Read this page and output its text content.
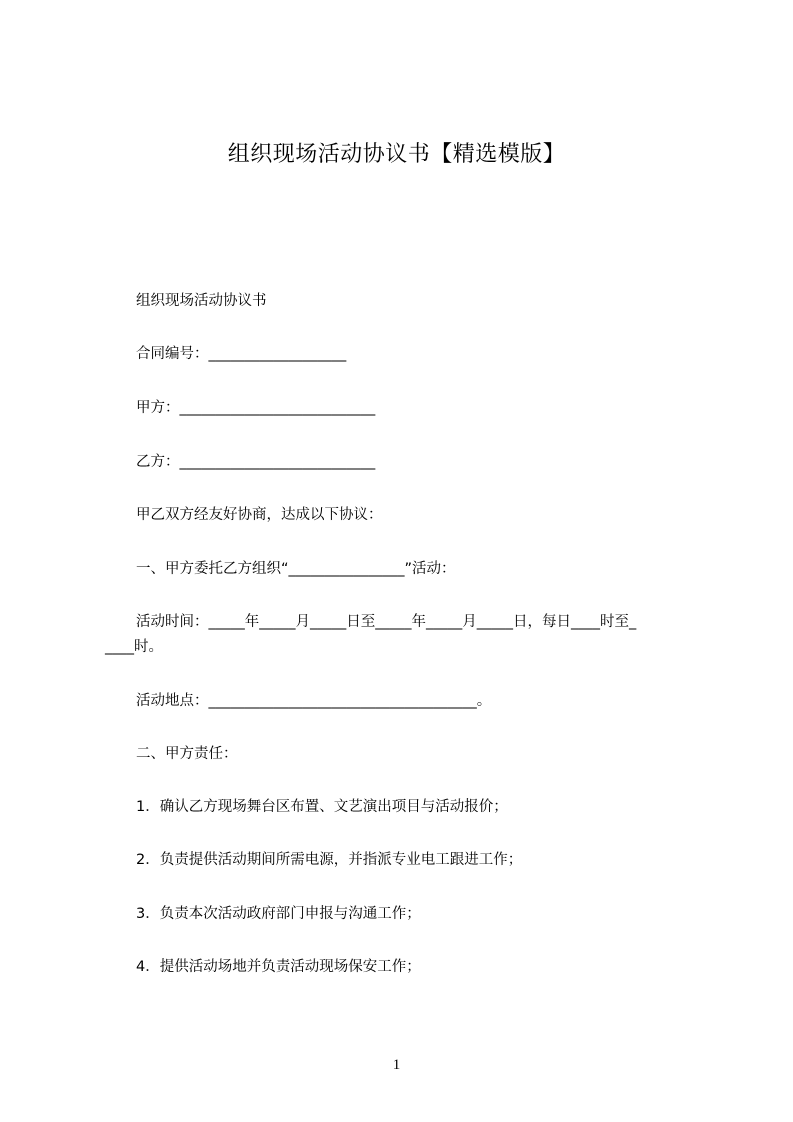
组织现场活动协议书【精选模版】
组织现场活动协议书
合同编号：___________________
甲方：___________________________
乙方：___________________________
甲乙双方经友好协商，达成以下协议：
一、甲方委托乙方组织“________________”活动：
活动时间：_____年_____月_____日至_____年_____月_____日，每日____时至_
____时。
活动地点：_____________________________________。
二、甲方责任：
1．确认乙方现场舞台区布置、文艺演出项目与活动报价；
2．负责提供活动期间所需电源，并指派专业电工跟进工作；
3．负责本次活动政府部门申报与沟通工作；
4．提供活动场地并负责活动现场保安工作；
1
